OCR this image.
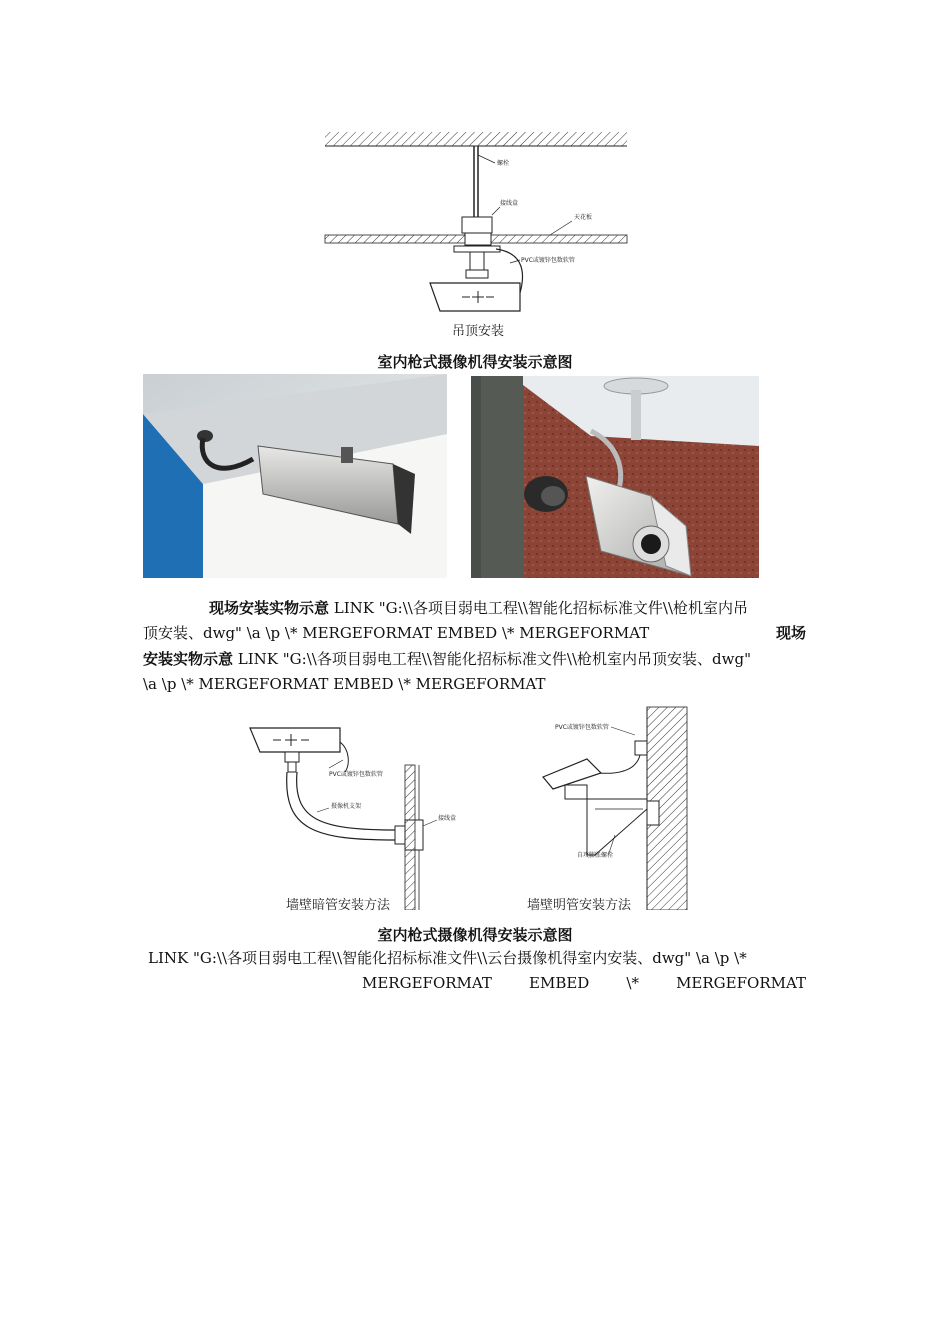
螺栓
接线盒
天花板
PVC或镀锌包数软管
吊顶安装
室内枪式摄像机得安装示意图
现场安装实物示意 LINK "G:\\各项目弱电工程\\智能化招标标准文件\\枪机室内吊
顶安装、dwg" \a \p \* MERGEFORMAT EMBED \* MERGEFORMAT	现场
安装实物示意 LINK "G:\\各项目弱电工程\\智能化招标标准文件\\枪机室内吊顶安装、dwg"
\a \p \* MERGEFORMAT EMBED \* MERGEFORMAT
PVC或镀锌包数软管
摄像机支架
接线盒
PVC或镀锌包数软管
自攻膨胀螺栓
墙壁暗管安装方法	墙壁明管安装方法
室内枪式摄像机得安装示意图
LINK "G:\\各项目弱电工程\\智能化招标标准文件\\云台摄像机得室内安装、dwg" \a \p \*
MERGEFORMAT EMBED \* MERGEFORMAT
